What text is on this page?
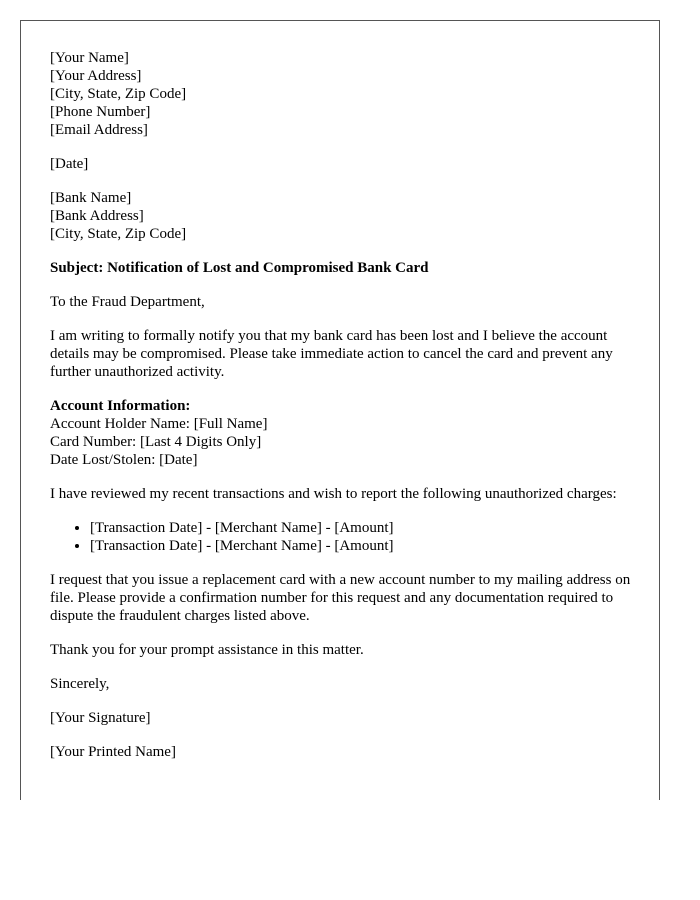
[Your Name]
[Your Address]
[City, State, Zip Code]
[Phone Number]
[Email Address]

[Date]

[Bank Name]
[Bank Address]
[City, State, Zip Code]

Subject: Notification of Lost and Compromised Bank Card

To the Fraud Department,

I am writing to formally notify you that my bank card has been lost and I believe the account details may be compromised. Please take immediate action to cancel the card and prevent any further unauthorized activity.

Account Information:
Account Holder Name: [Full Name]
Card Number: [Last 4 Digits Only]
Date Lost/Stolen: [Date]

I have reviewed my recent transactions and wish to report the following unauthorized charges:

• [Transaction Date] - [Merchant Name] - [Amount]
• [Transaction Date] - [Merchant Name] - [Amount]

I request that you issue a replacement card with a new account number to my mailing address on file. Please provide a confirmation number for this request and any documentation required to dispute the fraudulent charges listed above.

Thank you for your prompt assistance in this matter.

Sincerely,

[Your Signature]

[Your Printed Name]
